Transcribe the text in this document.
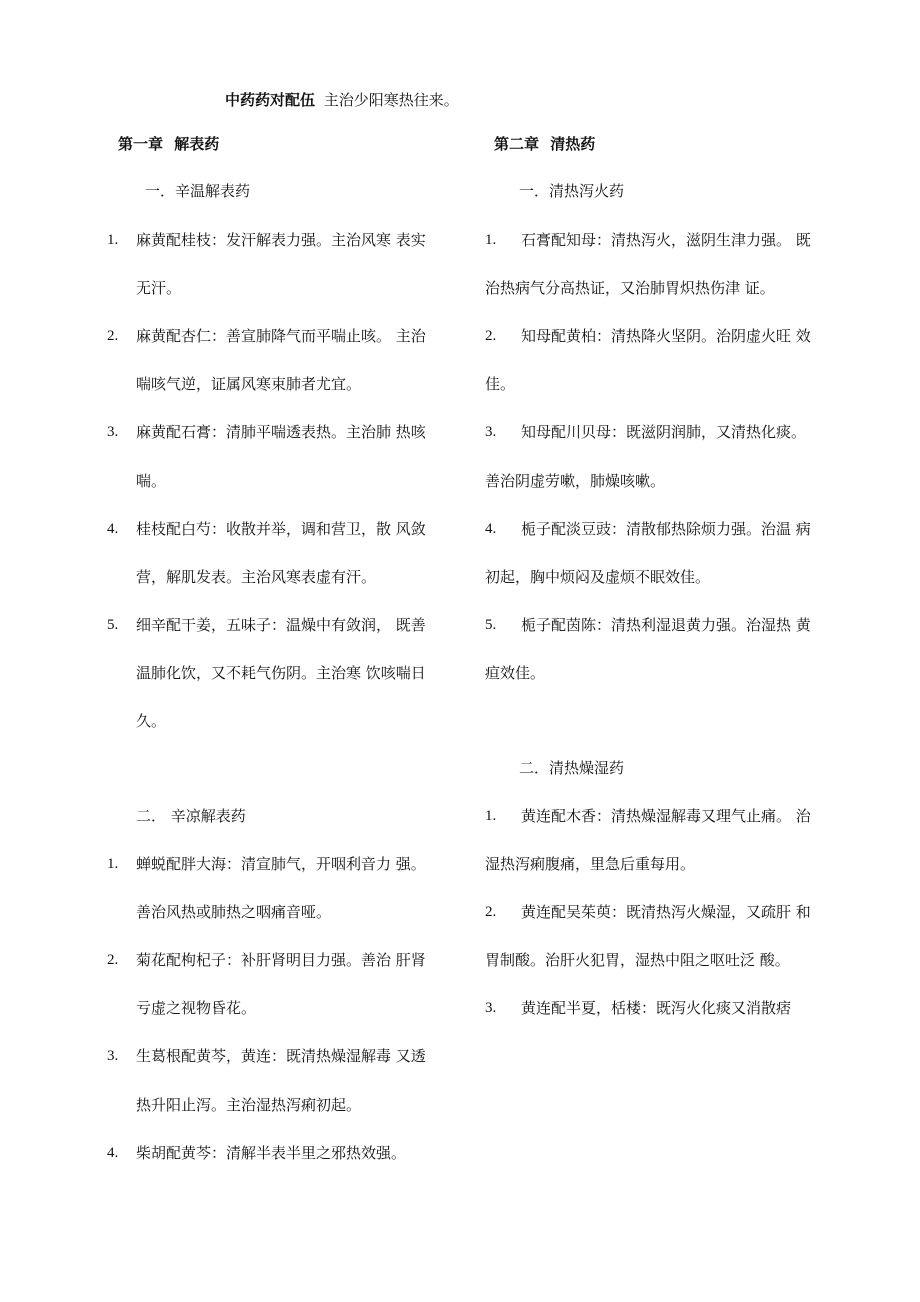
中药药对配伍 主治少阳寒热往来。
第一章 解表药
一．辛温解表药
1. 麻黄配桂枝：发汗解表力强。主治风寒 表实
无汗。
2. 麻黄配杏仁：善宣肺降气而平喘止咳。 主治
喘咳气逆，证属风寒束肺者尤宜。
3. 麻黄配石膏：清肺平喘透表热。主治肺 热咳
喘。
4. 桂枝配白芍：收散并举，调和营卫，散 风敛
营，解肌发表。主治风寒表虚有汗。
5. 细辛配干姜，五味子：温燥中有敛润， 既善
温肺化饮，又不耗气伤阴。主治寒 饮咳喘日
久。
二． 辛凉解表药
1. 蝉蜕配胖大海：清宣肺气，开咽利音力 强。
善治风热或肺热之咽痛音哑。
2. 菊花配枸杞子：补肝肾明目力强。善治 肝肾
亏虚之视物昏花。
3. 生葛根配黄芩，黄连：既清热燥湿解毒 又透
热升阳止泻。主治湿热泻痢初起。
4. 柴胡配黄芩：清解半表半里之邪热效强。
第二章 清热药
一．清热泻火药
1. 石膏配知母：清热泻火，滋阴生津力强。 既
治热病气分高热证，又治肺胃炽热伤津 证。
2. 知母配黄柏：清热降火坚阴。治阴虚火旺 效
佳。
3. 知母配川贝母：既滋阴润肺，又清热化痰。
善治阴虚劳嗽，肺燥咳嗽。
4. 栀子配淡豆豉：清散郁热除烦力强。治温 病
初起，胸中烦闷及虚烦不眠效佳。
5. 栀子配茵陈：清热利湿退黄力强。治湿热 黄
疸效佳。
二．清热燥湿药
1. 黄连配木香：清热燥湿解毒又理气止痛。 治
湿热泻痢腹痛，里急后重每用。
2. 黄连配吴茱萸：既清热泻火燥湿，又疏肝 和
胃制酸。治肝火犯胃，湿热中阻之呕吐泛 酸。
3. 黄连配半夏，栝楼：既泻火化痰又消散痞
